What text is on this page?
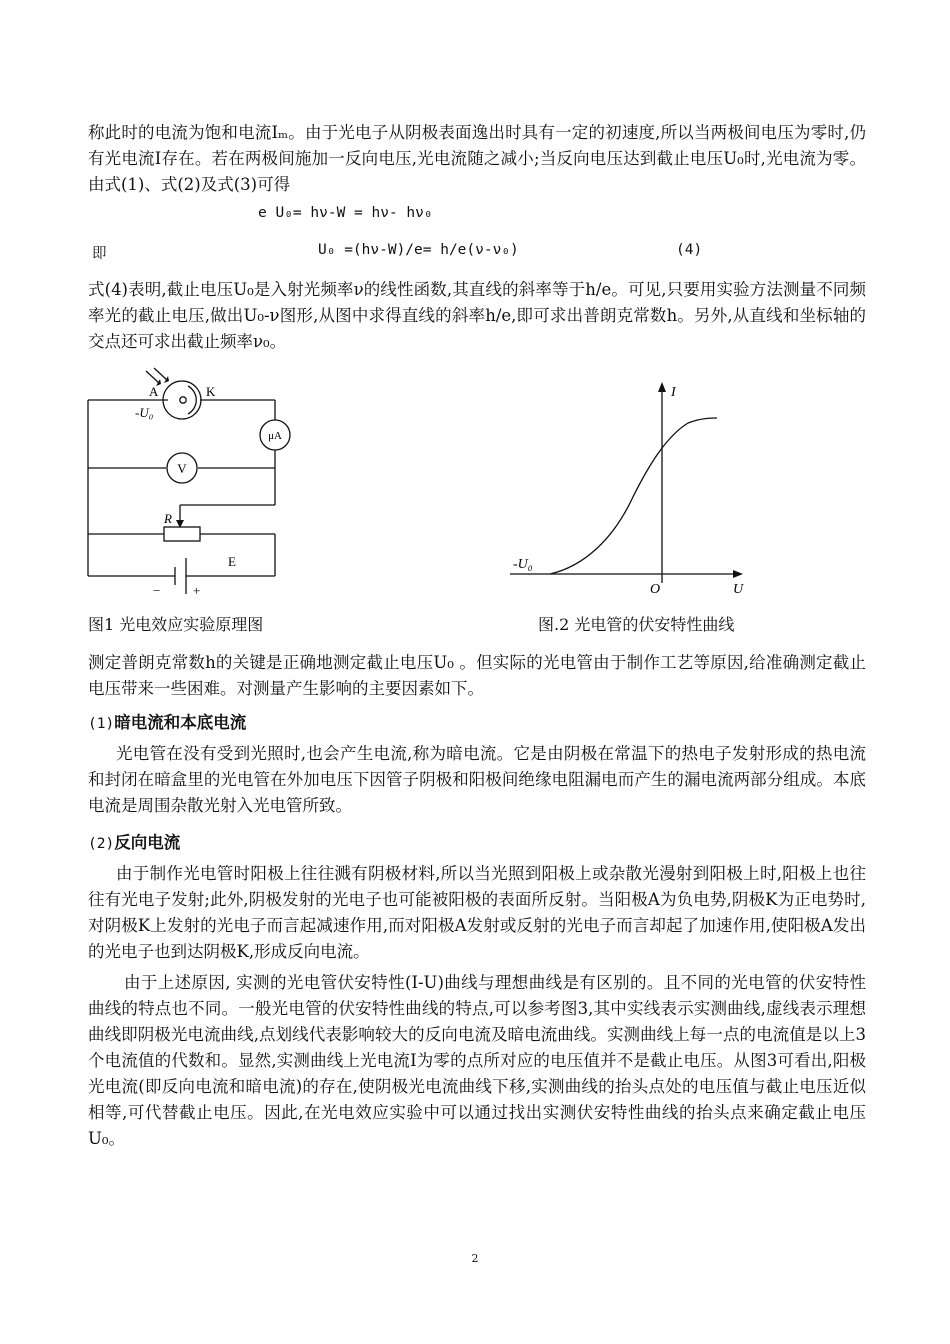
称此时的电流为饱和电流Iₘ。由于光电子从阴极表面逸出时具有一定的初速度,所以当两极间电压为零时,仍有光电流I存在。若在两极间施加一反向电压,光电流随之减小;当反向电压达到截止电压U₀时,光电流为零。由式(1)、式(2)及式(3)可得

e U₀= hν-W = hν- hν₀
即	U₀ =(hν-W)/e= h/e(ν-ν₀)	(4)

式(4)表明,截止电压U₀是入射光频率ν的线性函数,其直线的斜率等于h/e。可见,只要用实验方法测量不同频率光的截止电压,做出U₀-ν图形,从图中求得直线的斜率h/e,即可求出普朗克常数h。另外,从直线和坐标轴的交点还可求出截止频率ν₀。

A	K
-U₀
μA
V
R
E
−	+
I
U
O
-U₀
图1 光电效应实验原理图	图.2 光电管的伏安特性曲线

测定普朗克常数h的关键是正确地测定截止电压U₀ 。但实际的光电管由于制作工艺等原因,给准确测定截止电压带来一些困难。对测量产生影响的主要因素如下。

(1)暗电流和本底电流

光电管在没有受到光照时,也会产生电流,称为暗电流。它是由阴极在常温下的热电子发射形成的热电流和封闭在暗盒里的光电管在外加电压下因管子阴极和阳极间绝缘电阻漏电而产生的漏电流两部分组成。本底电流是周围杂散光射入光电管所致。

(2)反向电流

由于制作光电管时阳极上往往溅有阴极材料,所以当光照到阳极上或杂散光漫射到阳极上时,阳极上也往往有光电子发射;此外,阴极发射的光电子也可能被阳极的表面所反射。当阳极A为负电势,阴极K为正电势时,对阴极K上发射的光电子而言起减速作用,而对阳极A发射或反射的光电子而言却起了加速作用,使阳极A发出的光电子也到达阴极K,形成反向电流。

由于上述原因, 实测的光电管伏安特性(I-U)曲线与理想曲线是有区别的。且不同的光电管的伏安特性曲线的特点也不同。一般光电管的伏安特性曲线的特点,可以参考图3,其中实线表示实测曲线,虚线表示理想曲线即阴极光电流曲线,点划线代表影响较大的反向电流及暗电流曲线。实测曲线上每一点的电流值是以上3个电流值的代数和。显然,实测曲线上光电流I为零的点所对应的电压值并不是截止电压。从图3可看出,阳极光电流(即反向电流和暗电流)的存在,使阴极光电流曲线下移,实测曲线的抬头点处的电压值与截止电压近似相等,可代替截止电压。因此,在光电效应实验中可以通过找出实测伏安特性曲线的抬头点来确定截止电压U₀。

2
